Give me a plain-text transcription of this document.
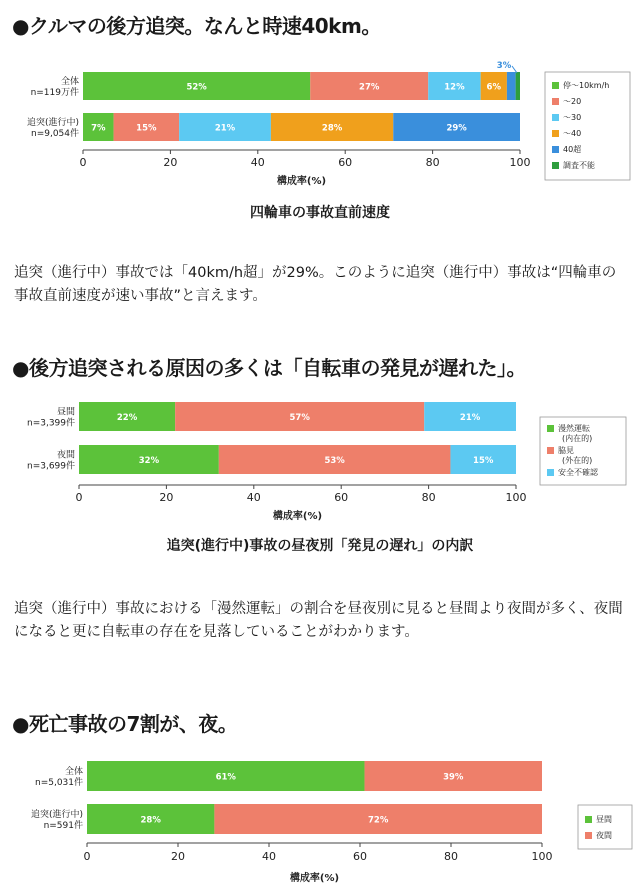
●クルマの後方追突。なんと時速40km。
52%	27%	12%	6%
全体
n=119万件
7%	15%	21%	28%	29%
追突(進行中)
n=9,054件
3%
0	20	40	60	80	100
構成率(%)
停～10km/h
～20
～30
～40
40超
調査不能
四輪車の事故直前速度
追突（進行中）事故では「40km/h超」が29%。このように追突（進行中）事故は“四輪車の事故直前速度が速い事故”と言えます。
●後方追突される原因の多くは「自転車の発見が遅れた」。
22%	57%	21%
昼間
n=3,399件
32%	53%	15%
夜間
n=3,699件
0	20	40	60	80	100
構成率(%)
漫然運転
(内在的)
脇見
(外在的)
安全不確認
追突(進行中)事故の昼夜別「発見の遅れ」の内訳
追突（進行中）事故における「漫然運転」の割合を昼夜別に見ると昼間より夜間が多く、夜間になると更に自転車の存在を見落していることがわかります。
●死亡事故の7割が、夜。
61%	39%
全体
n=5,031件
28%	72%
追突(進行中)
n=591件
0	20	40	60	80	100
構成率(%)
昼間
夜間
